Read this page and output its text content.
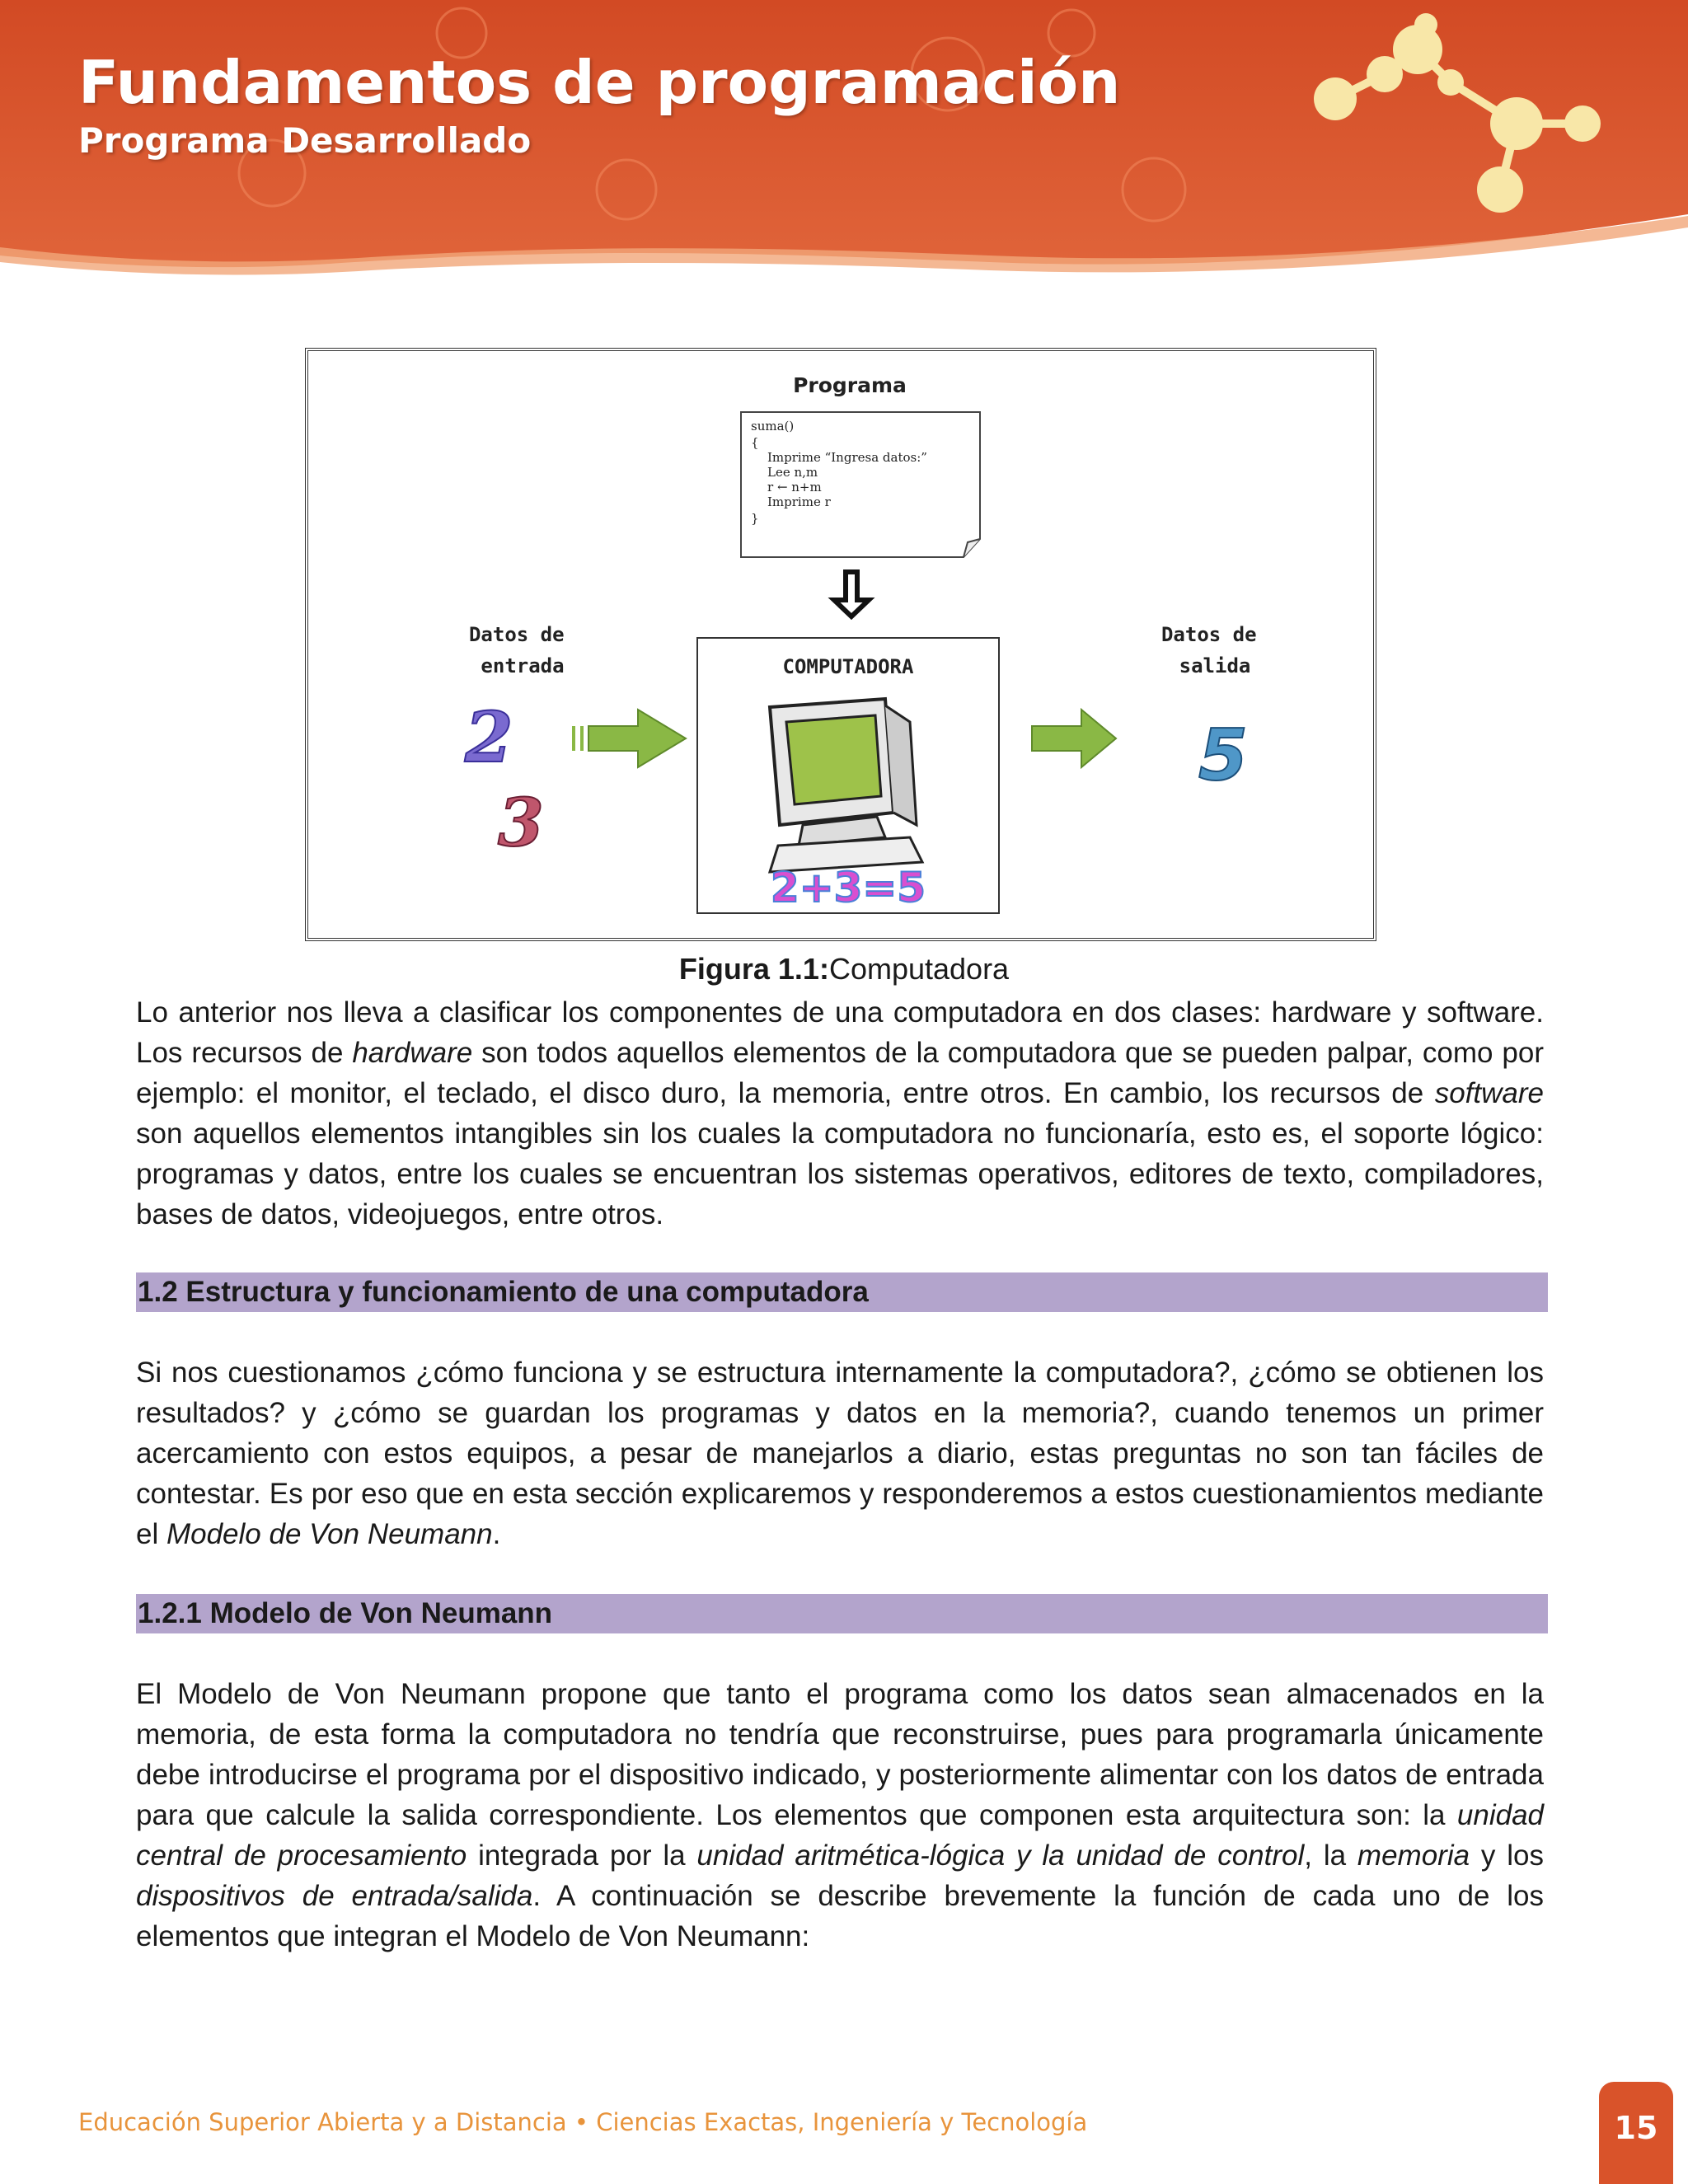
Fundamentos de programación
Programa Desarrollado
Programa
suma() { Imprime “Ingresa datos:” Lee n,m r ← n+m Imprime r }
Datos de entrada
Datos de salida
COMPUTADORA
2+3=5
2
3
5
Figura 1.1:Computadora

Lo anterior nos lleva a clasificar los componentes de una computadora en dos clases: hardware y software. Los recursos de hardware son todos aquellos elementos de la computadora que se pueden palpar, como por ejemplo: el monitor, el teclado, el disco duro, la memoria, entre otros. En cambio, los recursos de software son aquellos elementos intangibles sin los cuales la computadora no funcionaría, esto es, el soporte lógico: programas y datos, entre los cuales se encuentran los sistemas operativos, editores de texto, compiladores, bases de datos, videojuegos, entre otros.

1.2 Estructura y funcionamiento de una computadora

Si nos cuestionamos ¿cómo funciona y se estructura internamente la computadora?, ¿cómo se obtienen los resultados? y ¿cómo se guardan los programas y datos en la memoria?, cuando tenemos un primer acercamiento con estos equipos, a pesar de manejarlos a diario, estas preguntas no son tan fáciles de contestar. Es por eso que en esta sección explicaremos y responderemos a estos cuestionamientos mediante el Modelo de Von Neumann.

1.2.1 Modelo de Von Neumann

El Modelo de Von Neumann propone que tanto el programa como los datos sean almacenados en la memoria, de esta forma la computadora no tendría que reconstruirse, pues para programarla únicamente debe introducirse el programa por el dispositivo indicado, y posteriormente alimentar con los datos de entrada para que calcule la salida correspondiente. Los elementos que componen esta arquitectura son: la unidad central de procesamiento integrada por la unidad aritmética-lógica y la unidad de control, la memoria y los dispositivos de entrada/salida. A continuación se describe brevemente la función de cada uno de los elementos que integran el Modelo de Von Neumann:

Educación Superior Abierta y a Distancia • Ciencias Exactas, Ingeniería y Tecnología	15
